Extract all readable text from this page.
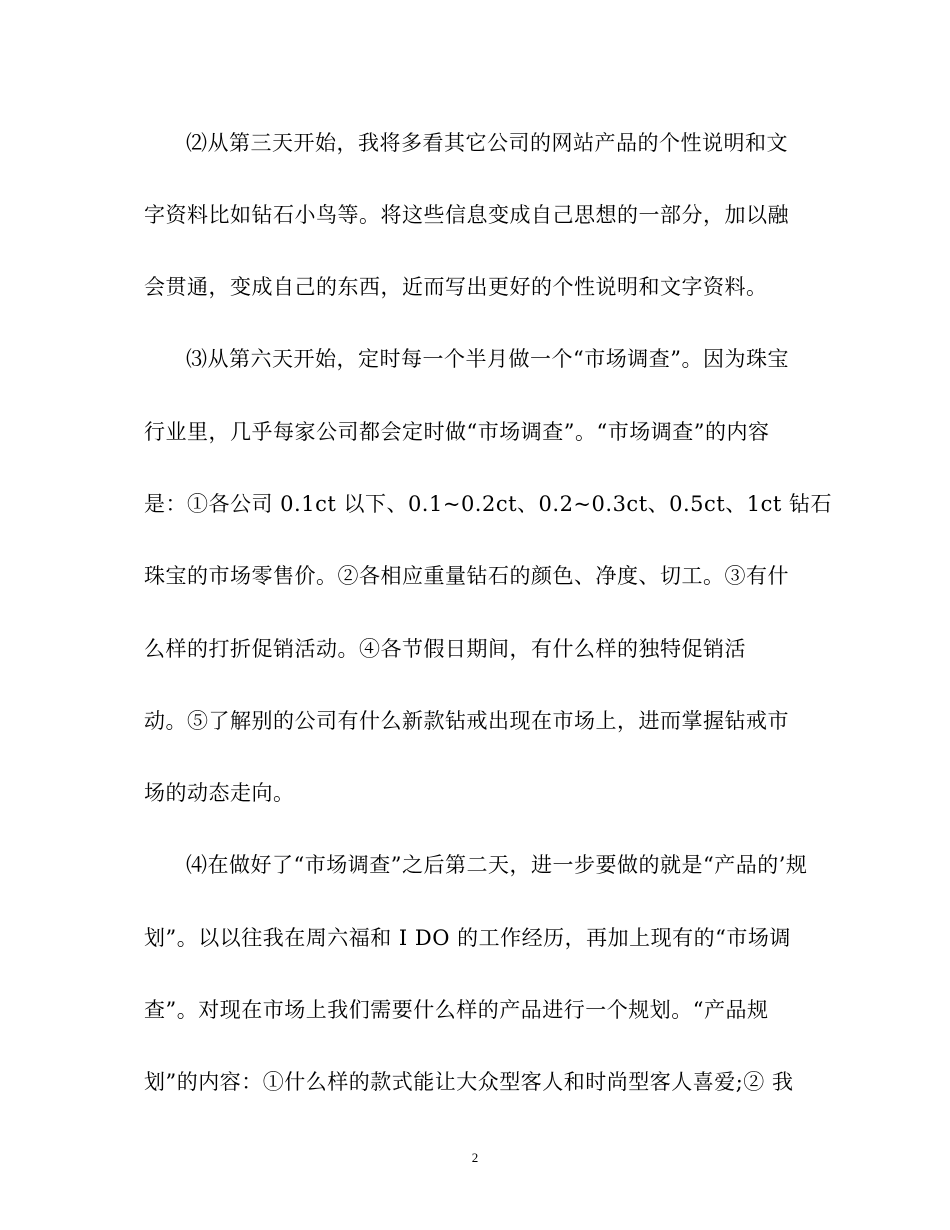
⑵从第三天开始，我将多看其它公司的网站产品的个性说明和文
字资料比如钻石小鸟等。将这些信息变成自己思想的一部分，加以融
会贯通，变成自己的东西，近而写出更好的个性说明和文字资料。
⑶从第六天开始，定时每一个半月做一个“市场调查”。因为珠宝
行业里，几乎每家公司都会定时做“市场调查”。“市场调查”的内容
是：①各公司 0.1ct 以下、0.1~0.2ct、0.2~0.3ct、0.5ct、1ct 钻石
珠宝的市场零售价。②各相应重量钻石的颜色、净度、切工。③有什
么样的打折促销活动。④各节假日期间，有什么样的独特促销活
动。⑤了解别的公司有什么新款钻戒出现在市场上，进而掌握钻戒市
场的动态走向。
⑷在做好了“市场调查”之后第二天，进一步要做的就是“产品的’规
划”。以以往我在周六福和 I DO 的工作经历，再加上现有的“市场调
查”。对现在市场上我们需要什么样的产品进行一个规划。“产品规
划”的内容：①什么样的款式能让大众型客人和时尚型客人喜爱;② 我
2
